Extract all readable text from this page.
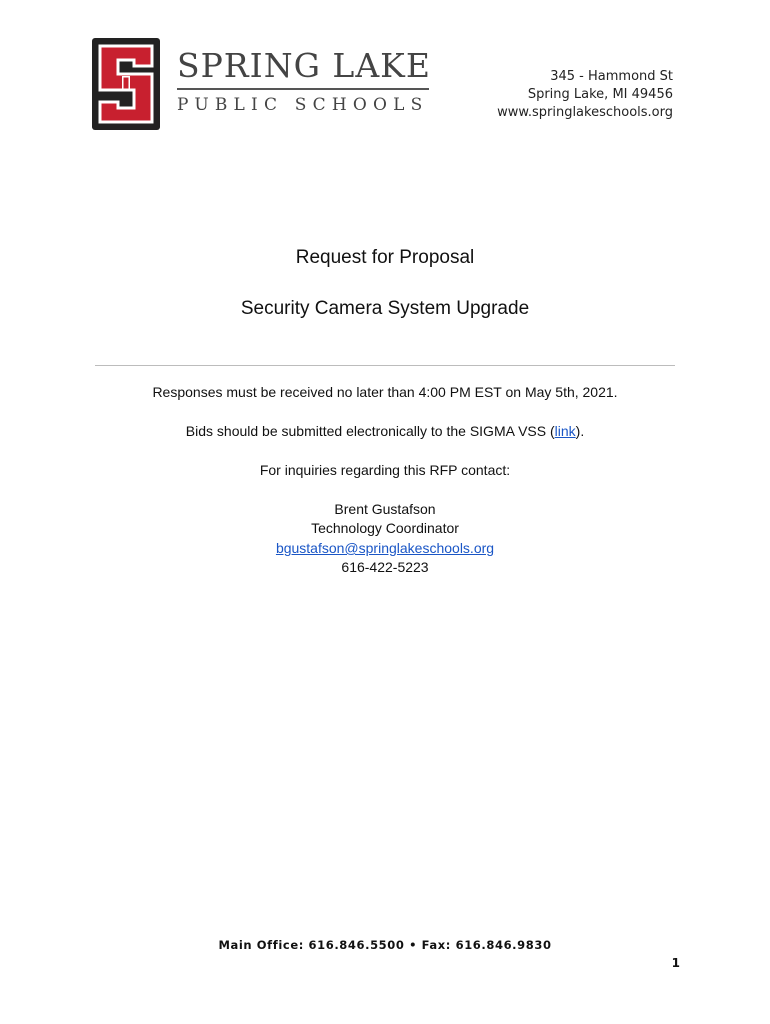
SPRING LAKE
PUBLIC SCHOOLS
345 - Hammond St
Spring Lake, MI 49456
www.springlakeschools.org
Request for Proposal
Security Camera System Upgrade
Responses must be received no later than 4:00 PM EST on May 5th, 2021.
Bids should be submitted electronically to the SIGMA VSS (link).
For inquiries regarding this RFP contact:
Brent Gustafson
Technology Coordinator
bgustafson@springlakeschools.org
616-422-5223
Main Office: 616.846.5500 • Fax: 616.846.9830
1
